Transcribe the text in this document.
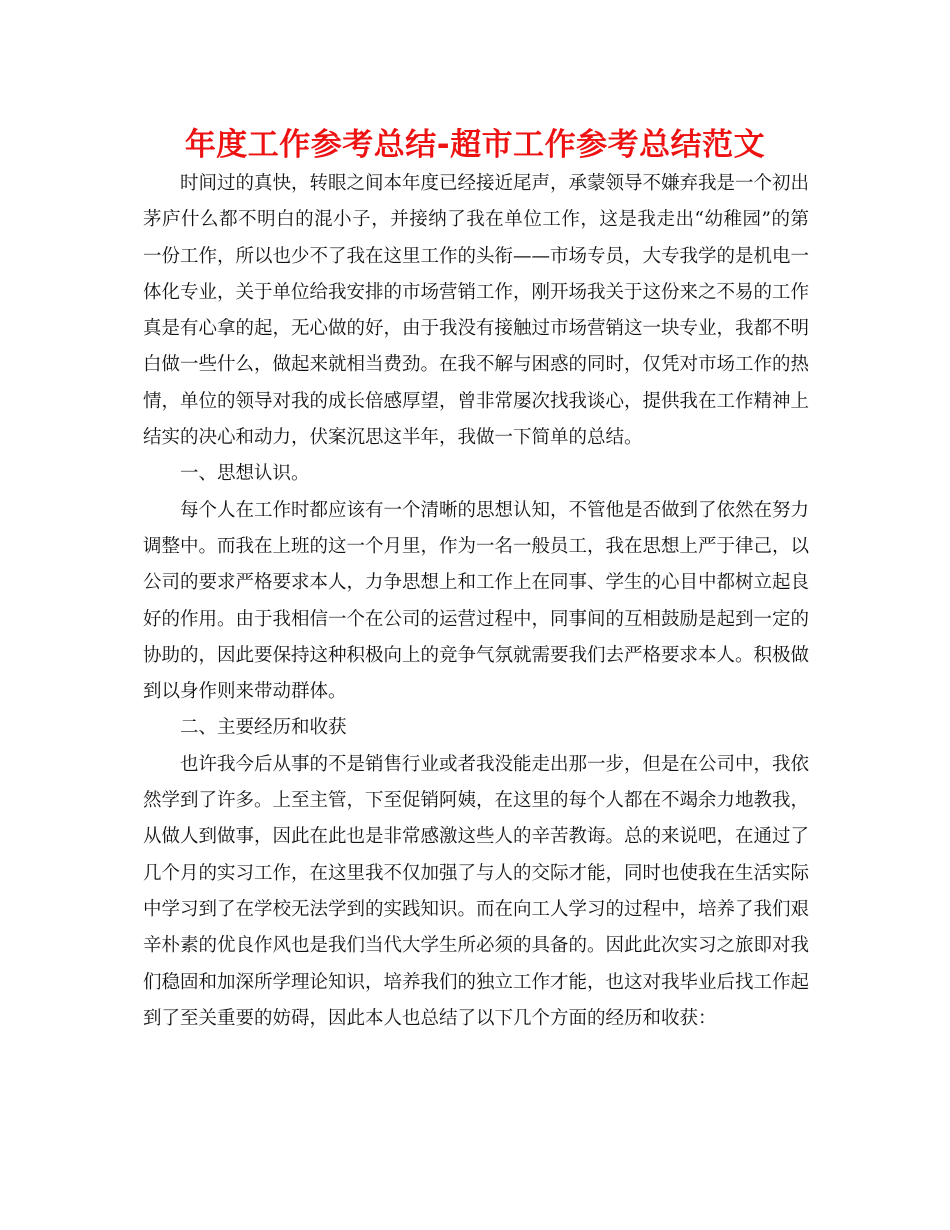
年度工作参考总结-超市工作参考总结范文

时间过的真快，转眼之间本年度已经接近尾声，承蒙领导不嫌弃我是一个初出茅庐什么都不明白的混小子，并接纳了我在单位工作，这是我走出“幼稚园”的第一份工作，所以也少不了我在这里工作的头衔——市场专员，大专我学的是机电一体化专业，关于单位给我安排的市场营销工作，刚开场我关于这份来之不易的工作真是有心拿的起，无心做的好，由于我没有接触过市场营销这一块专业，我都不明白做一些什么，做起来就相当费劲。在我不解与困惑的同时，仅凭对市场工作的热情，单位的领导对我的成长倍感厚望，曾非常屡次找我谈心，提供我在工作精神上结实的决心和动力，伏案沉思这半年，我做一下简单的总结。

一、思想认识。

每个人在工作时都应该有一个清晰的思想认知，不管他是否做到了依然在努力调整中。而我在上班的这一个月里，作为一名一般员工，我在思想上严于律己，以公司的要求严格要求本人，力争思想上和工作上在同事、学生的心目中都树立起良好的作用。由于我相信一个在公司的运营过程中，同事间的互相鼓励是起到一定的协助的，因此要保持这种积极向上的竞争气氛就需要我们去严格要求本人。积极做到以身作则来带动群体。

二、主要经历和收获

也许我今后从事的不是销售行业或者我没能走出那一步，但是在公司中，我依然学到了许多。上至主管，下至促销阿姨，在这里的每个人都在不竭余力地教我，从做人到做事，因此在此也是非常感激这些人的辛苦教诲。总的来说吧，在通过了几个月的实习工作，在这里我不仅加强了与人的交际才能，同时也使我在生活实际中学习到了在学校无法学到的实践知识。而在向工人学习的过程中，培养了我们艰辛朴素的优良作风也是我们当代大学生所必须的具备的。因此此次实习之旅即对我们稳固和加深所学理论知识，培养我们的独立工作才能，也这对我毕业后找工作起到了至关重要的妨碍，因此本人也总结了以下几个方面的经历和收获：
